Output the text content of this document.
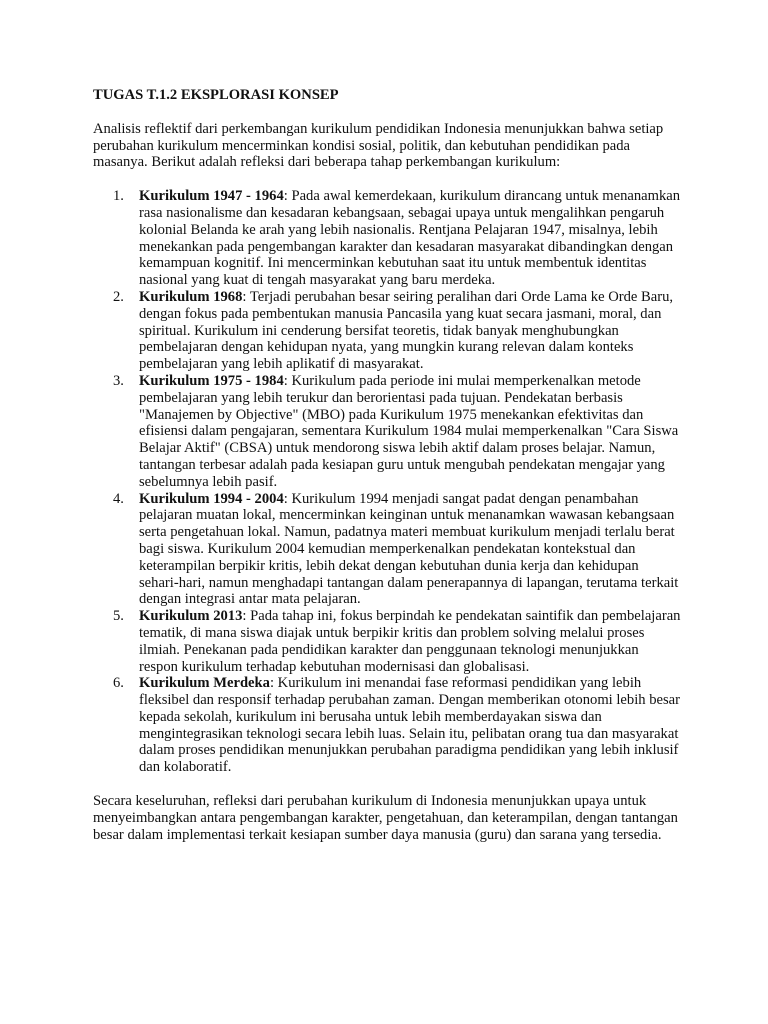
TUGAS T.1.2 EKSPLORASI KONSEP

Analisis reflektif dari perkembangan kurikulum pendidikan Indonesia menunjukkan bahwa setiap perubahan kurikulum mencerminkan kondisi sosial, politik, dan kebutuhan pendidikan pada masanya. Berikut adalah refleksi dari beberapa tahap perkembangan kurikulum:

1. Kurikulum 1947 - 1964: Pada awal kemerdekaan, kurikulum dirancang untuk menanamkan rasa nasionalisme dan kesadaran kebangsaan, sebagai upaya untuk mengalihkan pengaruh kolonial Belanda ke arah yang lebih nasionalis. Rentjana Pelajaran 1947, misalnya, lebih menekankan pada pengembangan karakter dan kesadaran masyarakat dibandingkan dengan kemampuan kognitif. Ini mencerminkan kebutuhan saat itu untuk membentuk identitas nasional yang kuat di tengah masyarakat yang baru merdeka.
2. Kurikulum 1968: Terjadi perubahan besar seiring peralihan dari Orde Lama ke Orde Baru, dengan fokus pada pembentukan manusia Pancasila yang kuat secara jasmani, moral, dan spiritual. Kurikulum ini cenderung bersifat teoretis, tidak banyak menghubungkan pembelajaran dengan kehidupan nyata, yang mungkin kurang relevan dalam konteks pembelajaran yang lebih aplikatif di masyarakat.
3. Kurikulum 1975 - 1984: Kurikulum pada periode ini mulai memperkenalkan metode pembelajaran yang lebih terukur dan berorientasi pada tujuan. Pendekatan berbasis "Manajemen by Objective" (MBO) pada Kurikulum 1975 menekankan efektivitas dan efisiensi dalam pengajaran, sementara Kurikulum 1984 mulai memperkenalkan "Cara Siswa Belajar Aktif" (CBSA) untuk mendorong siswa lebih aktif dalam proses belajar. Namun, tantangan terbesar adalah pada kesiapan guru untuk mengubah pendekatan mengajar yang sebelumnya lebih pasif.
4. Kurikulum 1994 - 2004: Kurikulum 1994 menjadi sangat padat dengan penambahan pelajaran muatan lokal, mencerminkan keinginan untuk menanamkan wawasan kebangsaan serta pengetahuan lokal. Namun, padatnya materi membuat kurikulum menjadi terlalu berat bagi siswa. Kurikulum 2004 kemudian memperkenalkan pendekatan kontekstual dan keterampilan berpikir kritis, lebih dekat dengan kebutuhan dunia kerja dan kehidupan sehari-hari, namun menghadapi tantangan dalam penerapannya di lapangan, terutama terkait dengan integrasi antar mata pelajaran.
5. Kurikulum 2013: Pada tahap ini, fokus berpindah ke pendekatan saintifik dan pembelajaran tematik, di mana siswa diajak untuk berpikir kritis dan problem solving melalui proses ilmiah. Penekanan pada pendidikan karakter dan penggunaan teknologi menunjukkan respon kurikulum terhadap kebutuhan modernisasi dan globalisasi.
6. Kurikulum Merdeka: Kurikulum ini menandai fase reformasi pendidikan yang lebih fleksibel dan responsif terhadap perubahan zaman. Dengan memberikan otonomi lebih besar kepada sekolah, kurikulum ini berusaha untuk lebih memberdayakan siswa dan mengintegrasikan teknologi secara lebih luas. Selain itu, pelibatan orang tua dan masyarakat dalam proses pendidikan menunjukkan perubahan paradigma pendidikan yang lebih inklusif dan kolaboratif.

Secara keseluruhan, refleksi dari perubahan kurikulum di Indonesia menunjukkan upaya untuk menyeimbangkan antara pengembangan karakter, pengetahuan, dan keterampilan, dengan tantangan besar dalam implementasi terkait kesiapan sumber daya manusia (guru) dan sarana yang tersedia.
